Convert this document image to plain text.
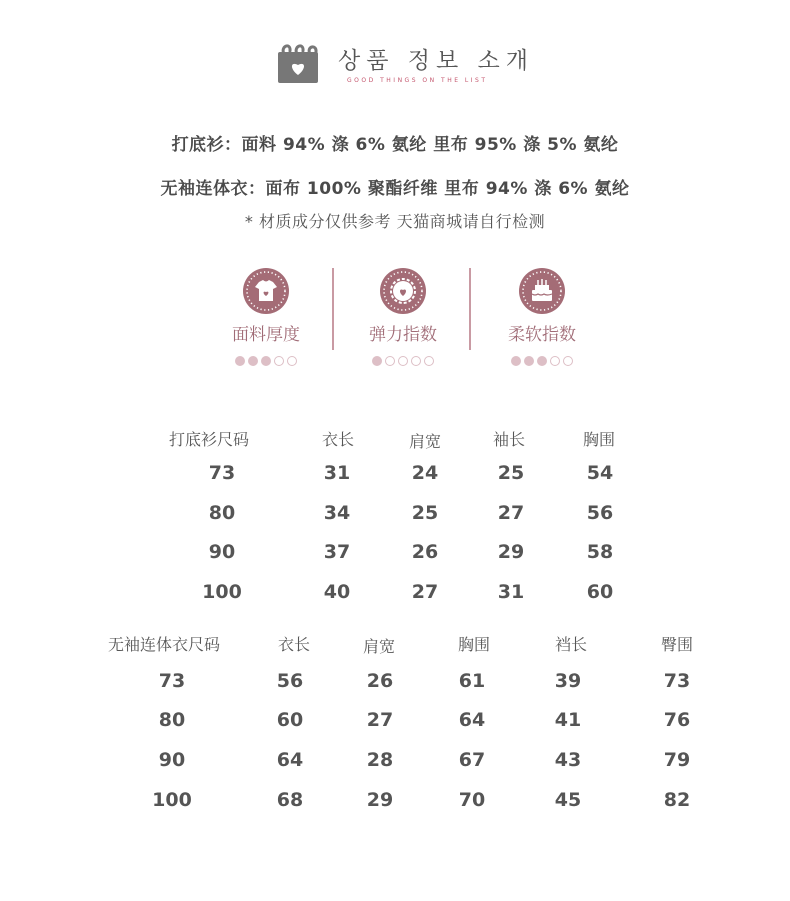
상품 정보 소개
GOOD THINGS ON THE LIST
打底衫：面料 94% 涤 6% 氨纶 里布 95% 涤 5% 氨纶
无袖连体衣：面布 100% 聚酯纤维 里布 94% 涤 6% 氨纶
* 材质成分仅供参考 天猫商城请自行检测
面料厚度	弹力指数	柔软指数
打底衫尺码	衣长	肩宽	袖长	胸围
73	31	24	25	54
80	34	25	27	56
90	37	26	29	58
100	40	27	31	60
无袖连体衣尺码	衣长	肩宽	胸围	裆长	臀围
73	56	26	61	39	73
80	60	27	64	41	76
90	64	28	67	43	79
100	68	29	70	45	82
